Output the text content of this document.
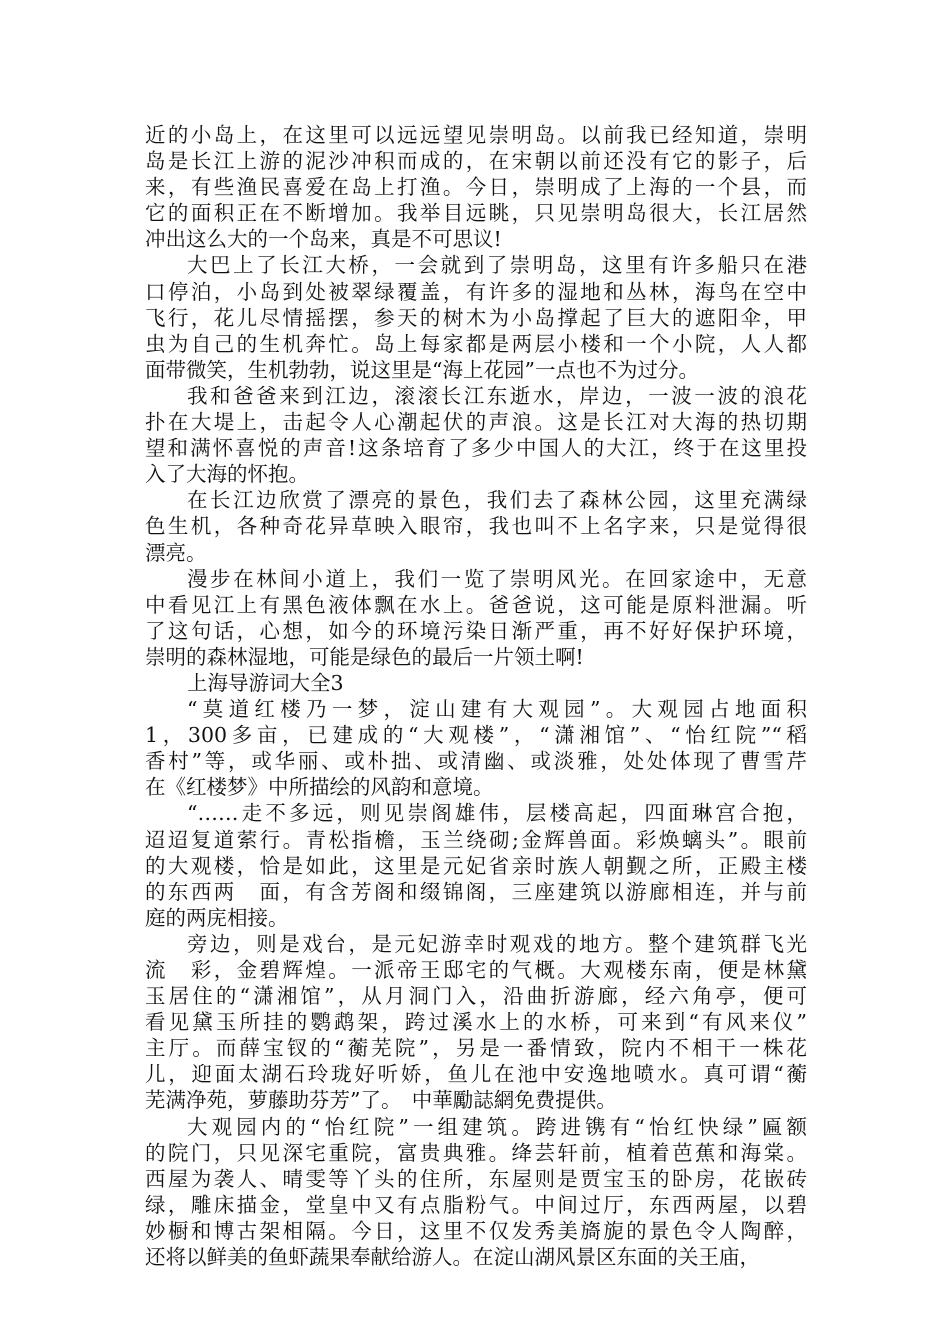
近的小岛上，在这里可以远远望见崇明岛。以前我已经知道，崇明
岛是长江上游的泥沙冲积而成的，在宋朝以前还没有它的影子，后
来，有些渔民喜爱在岛上打渔。今日，崇明成了上海的一个县，而
它的面积正在不断增加。我举目远眺，只见崇明岛很大，长江居然
冲出这么大的一个岛来，真是不可思议!
大巴上了长江大桥，一会就到了崇明岛，这里有许多船只在港
口停泊，小岛到处被翠绿覆盖，有许多的湿地和丛林，海鸟在空中
飞行，花儿尽情摇摆，参天的树木为小岛撑起了巨大的遮阳伞，甲
虫为自己的生机奔忙。岛上每家都是两层小楼和一个小院，人人都
面带微笑，生机勃勃，说这里是“海上花园”一点也不为过分。
我和爸爸来到江边，滚滚长江东逝水，岸边，一波一波的浪花
扑在大堤上，击起令人心潮起伏的声浪。这是长江对大海的热切期
望和满怀喜悦的声音!这条培育了多少中国人的大江，终于在这里投
入了大海的怀抱。
在长江边欣赏了漂亮的景色，我们去了森林公园，这里充满绿
色生机，各种奇花异草映入眼帘，我也叫不上名字来，只是觉得很
漂亮。
漫步在林间小道上，我们一览了崇明风光。在回家途中，无意
中看见江上有黑色液体飘在水上。爸爸说，这可能是原料泄漏。听
了这句话，心想，如今的环境污染日渐严重，再不好好保护环境，
崇明的森林湿地，可能是绿色的最后一片领土啊!
上海导游词大全3
“莫道红楼乃一梦，淀山建有大观园”。大观园占地面积
1，300多亩，已建成的“大观楼”，“潇湘馆”、“怡红院”“稻
香村”等，或华丽、或朴拙、或清幽、或淡雅，处处体现了曹雪芹
在《红楼梦》中所描绘的风韵和意境。
“……走不多远，则见崇阁雄伟，层楼高起，四面琳宫合抱，
迢迢复道萦行。青松指檐，玉兰绕砌;金辉兽面。彩焕螭头”。眼前
的大观楼，恰是如此，这里是元妃省亲时族人朝觐之所，正殿主楼
的东西两　面，有含芳阁和缀锦阁，三座建筑以游廊相连，并与前
庭的两庑相接。
旁边，则是戏台，是元妃游幸时观戏的地方。整个建筑群飞光
流　彩，金碧辉煌。一派帝王邸宅的气概。大观楼东南，便是林黛
玉居住的“潇湘馆”，从月洞门入，沿曲折游廊，经六角亭，便可
看见黛玉所挂的鹦鹉架，跨过溪水上的水桥，可来到“有风来仪”
主厅。而薛宝钗的“蘅芜院”，另是一番情致，院内不相干一株花
儿，迎面太湖石玲珑好听娇，鱼儿在池中安逸地喷水。真可谓“蘅
芜满净苑，萝藤助芬芳”了。　中華勵誌網免费提供。
大观园内的“怡红院”一组建筑。跨进镌有“怡红快绿”匾额
的院门，只见深宅重院，富贵典雅。绛芸轩前，植着芭蕉和海棠。
西屋为袭人、晴雯等丫头的住所，东屋则是贾宝玉的卧房，花嵌砖
绿，雕床描金，堂皇中又有点脂粉气。中间过厅，东西两屋，以碧
妙橱和博古架相隔。今日，这里不仅发秀美旖旎的景色令人陶醉，
还将以鲜美的鱼虾蔬果奉献给游人。在淀山湖风景区东面的关王庙，
